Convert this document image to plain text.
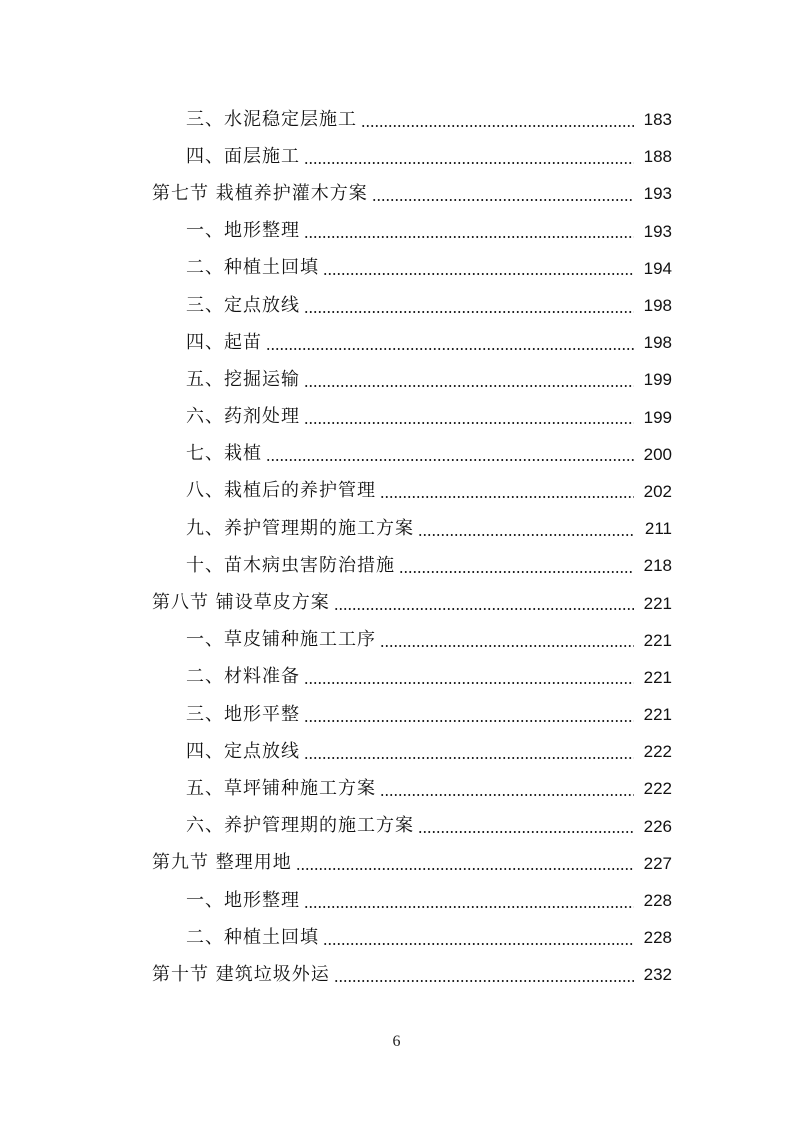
三、水泥稳定层施工	183
四、面层施工	188
第七节 栽植养护灌木方案	193
一、地形整理	193
二、种植土回填	194
三、定点放线	198
四、起苗	198
五、挖掘运输	199
六、药剂处理	199
七、栽植	200
八、栽植后的养护管理	202
九、养护管理期的施工方案	211
十、苗木病虫害防治措施	218
第八节 铺设草皮方案	221
一、草皮铺种施工工序	221
二、材料准备	221
三、地形平整	221
四、定点放线	222
五、草坪铺种施工方案	222
六、养护管理期的施工方案	226
第九节 整理用地	227
一、地形整理	228
二、种植土回填	228
第十节 建筑垃圾外运	232
6
